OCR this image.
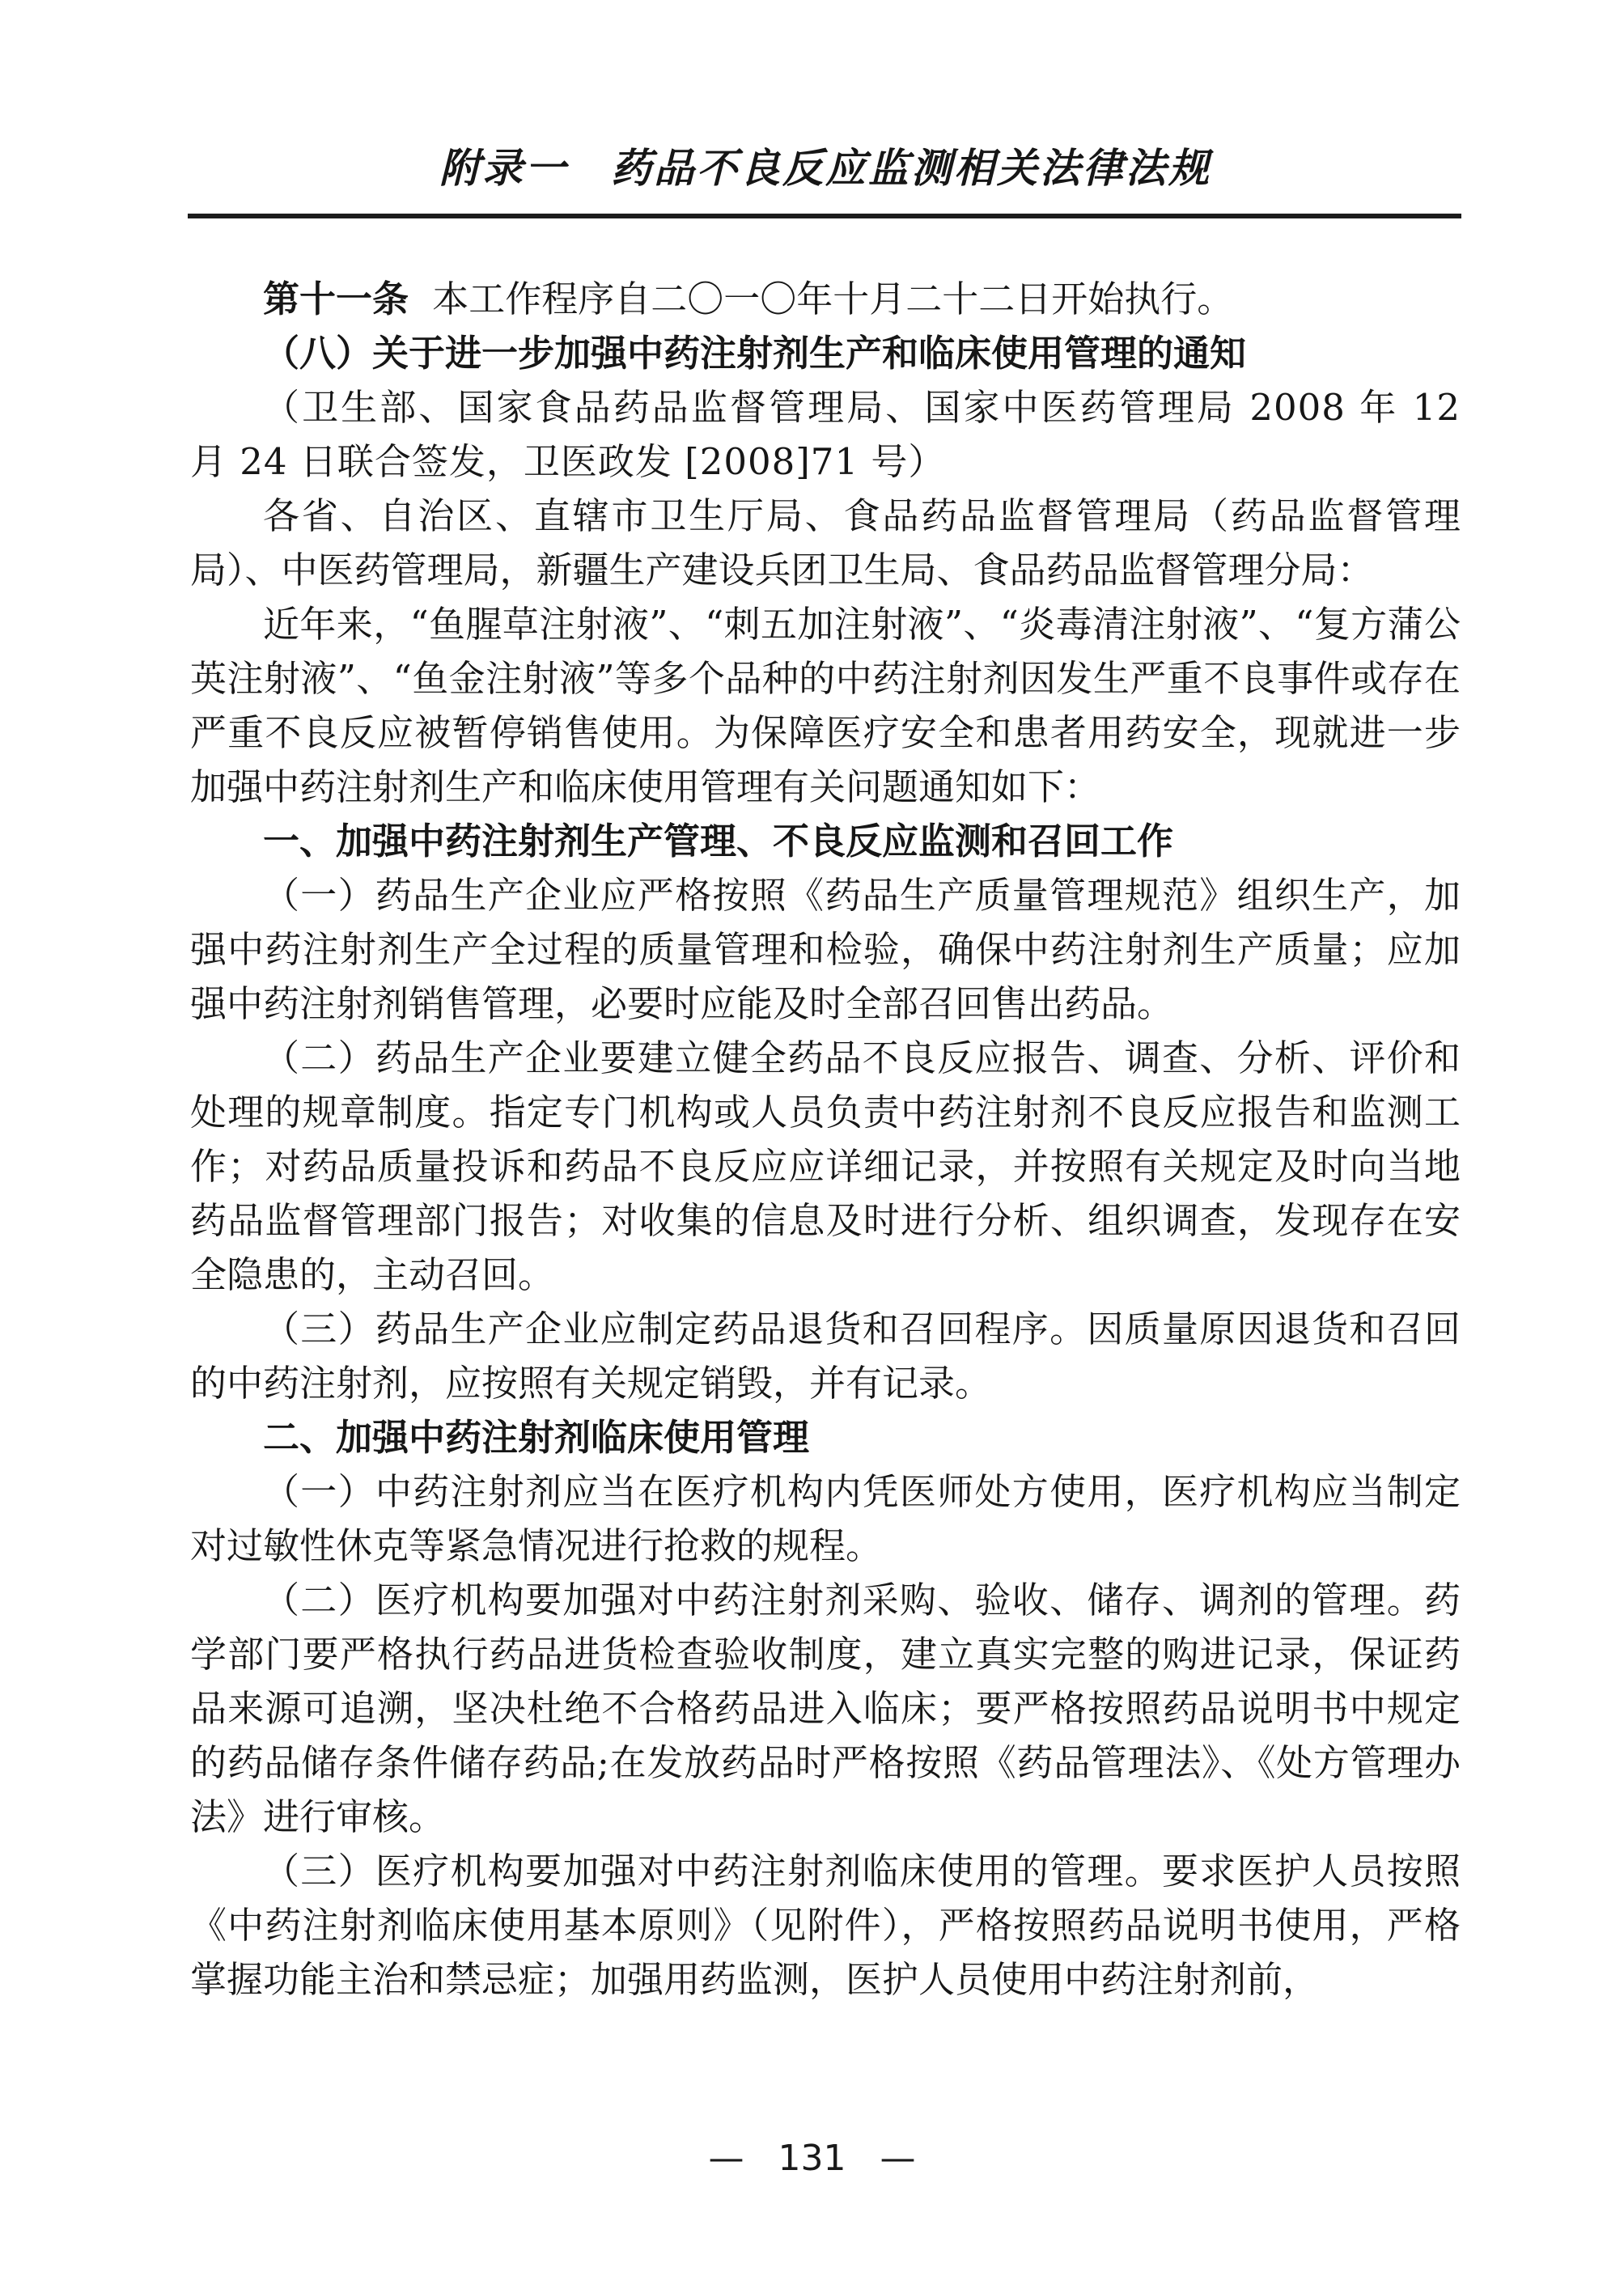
附录一　药品不良反应监测相关法律法规

第十一条 本工作程序自二〇一〇年十月二十二日开始执行。

（八）关于进一步加强中药注射剂生产和临床使用管理的通知

（卫生部、国家食品药品监督管理局、国家中医药管理局 2008 年 12 月 24 日联合签发，卫医政发 [2008]71 号）

各省、自治区、直辖市卫生厅局、食品药品监督管理局（药品监督管理局）、中医药管理局，新疆生产建设兵团卫生局、食品药品监督管理分局：

近年来，“鱼腥草注射液”、“刺五加注射液”、“炎毒清注射液”、“复方蒲公英注射液”、“鱼金注射液”等多个品种的中药注射剂因发生严重不良事件或存在严重不良反应被暂停销售使用。为保障医疗安全和患者用药安全，现就进一步加强中药注射剂生产和临床使用管理有关问题通知如下：

一、加强中药注射剂生产管理、不良反应监测和召回工作

（一）药品生产企业应严格按照《药品生产质量管理规范》组织生产，加强中药注射剂生产全过程的质量管理和检验，确保中药注射剂生产质量；应加强中药注射剂销售管理，必要时应能及时全部召回售出药品。

（二）药品生产企业要建立健全药品不良反应报告、调查、分析、评价和处理的规章制度。指定专门机构或人员负责中药注射剂不良反应报告和监测工作；对药品质量投诉和药品不良反应应详细记录，并按照有关规定及时向当地药品监督管理部门报告；对收集的信息及时进行分析、组织调查，发现存在安全隐患的，主动召回。

（三）药品生产企业应制定药品退货和召回程序。因质量原因退货和召回的中药注射剂，应按照有关规定销毁，并有记录。

二、加强中药注射剂临床使用管理

（一）中药注射剂应当在医疗机构内凭医师处方使用，医疗机构应当制定对过敏性休克等紧急情况进行抢救的规程。

（二）医疗机构要加强对中药注射剂采购、验收、储存、调剂的管理。药学部门要严格执行药品进货检查验收制度，建立真实完整的购进记录，保证药品来源可追溯，坚决杜绝不合格药品进入临床；要严格按照药品说明书中规定的药品储存条件储存药品;在发放药品时严格按照《药品管理法》、《处方管理办法》进行审核。

（三）医疗机构要加强对中药注射剂临床使用的管理。要求医护人员按照《中药注射剂临床使用基本原则》（见附件），严格按照药品说明书使用，严格掌握功能主治和禁忌症；加强用药监测，医护人员使用中药注射剂前，

— 131 —
